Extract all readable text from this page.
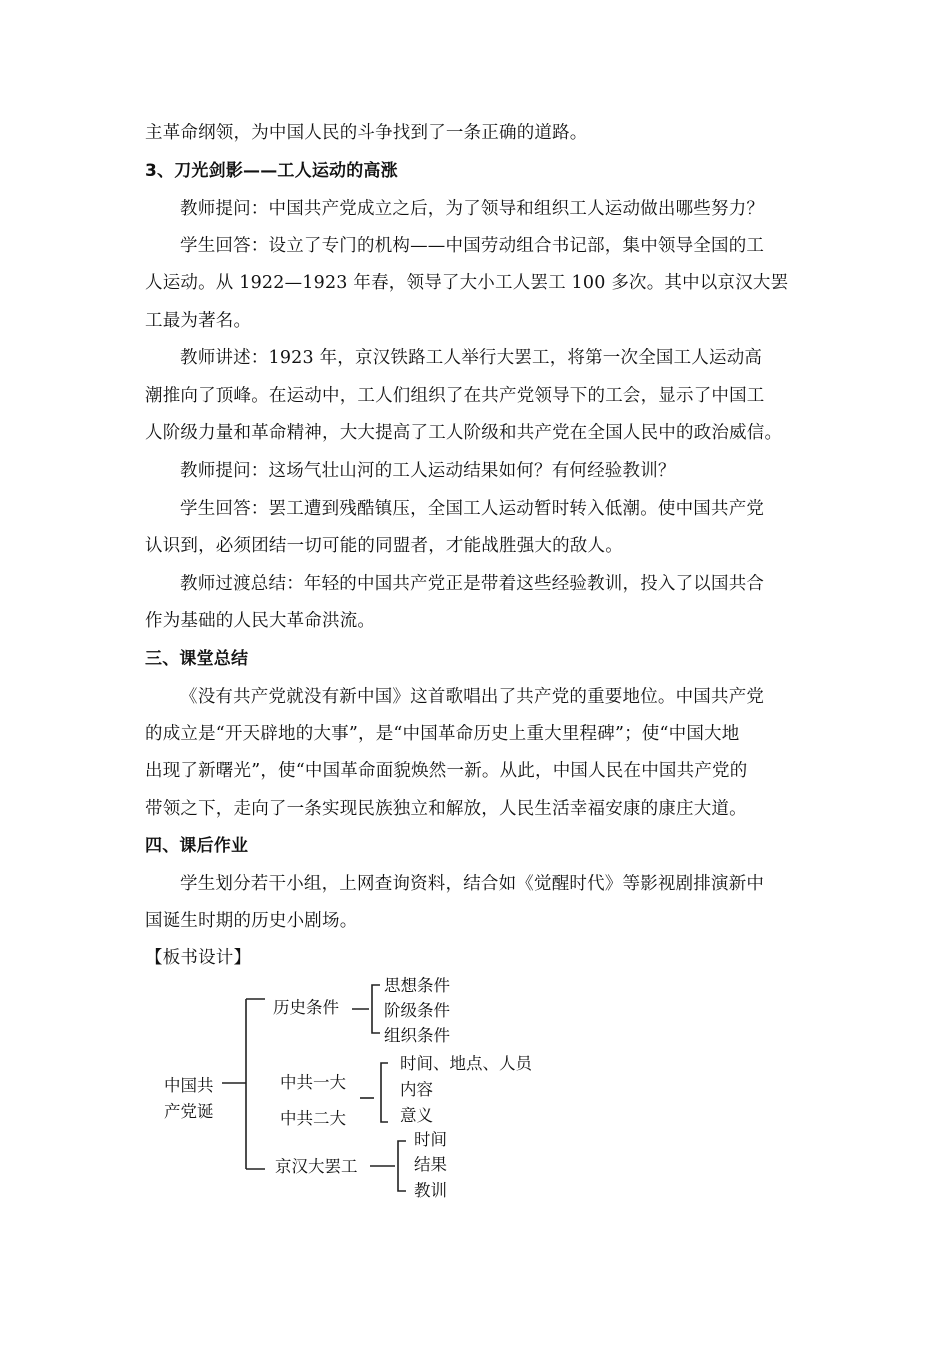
主革命纲领，为中国人民的斗争找到了一条正确的道路。
3、刀光剑影——工人运动的高涨
教师提问：中国共产党成立之后，为了领导和组织工人运动做出哪些努力？
学生回答：设立了专门的机构——中国劳动组合书记部，集中领导全国的工
人运动。从 1922—1923 年春，领导了大小工人罢工 100 多次。其中以京汉大罢
工最为著名。
教师讲述：1923 年，京汉铁路工人举行大罢工，将第一次全国工人运动高
潮推向了顶峰。在运动中，工人们组织了在共产党领导下的工会，显示了中国工
人阶级力量和革命精神，大大提高了工人阶级和共产党在全国人民中的政治威信。
教师提问：这场气壮山河的工人运动结果如何？有何经验教训？
学生回答：罢工遭到残酷镇压，全国工人运动暂时转入低潮。使中国共产党
认识到，必须团结一切可能的同盟者，才能战胜强大的敌人。
教师过渡总结：年轻的中国共产党正是带着这些经验教训，投入了以国共合
作为基础的人民大革命洪流。
三、课堂总结
《没有共产党就没有新中国》这首歌唱出了共产党的重要地位。中国共产党
的成立是“开天辟地的大事”，是“中国革命历史上重大里程碑”；使“中国大地
出现了新曙光”，使“中国革命面貌焕然一新。从此，中国人民在中国共产党的
带领之下，走向了一条实现民族独立和解放，人民生活幸福安康的康庄大道。
四、课后作业
学生划分若干小组，上网查询资料，结合如《觉醒时代》等影视剧排演新中
国诞生时期的历史小剧场。
【板书设计】
中国共
产党诞
历史条件
思想条件
阶级条件
组织条件
中共一大
中共二大
时间、地点、人员
内容
意义
京汉大罢工
时间
结果
教训
